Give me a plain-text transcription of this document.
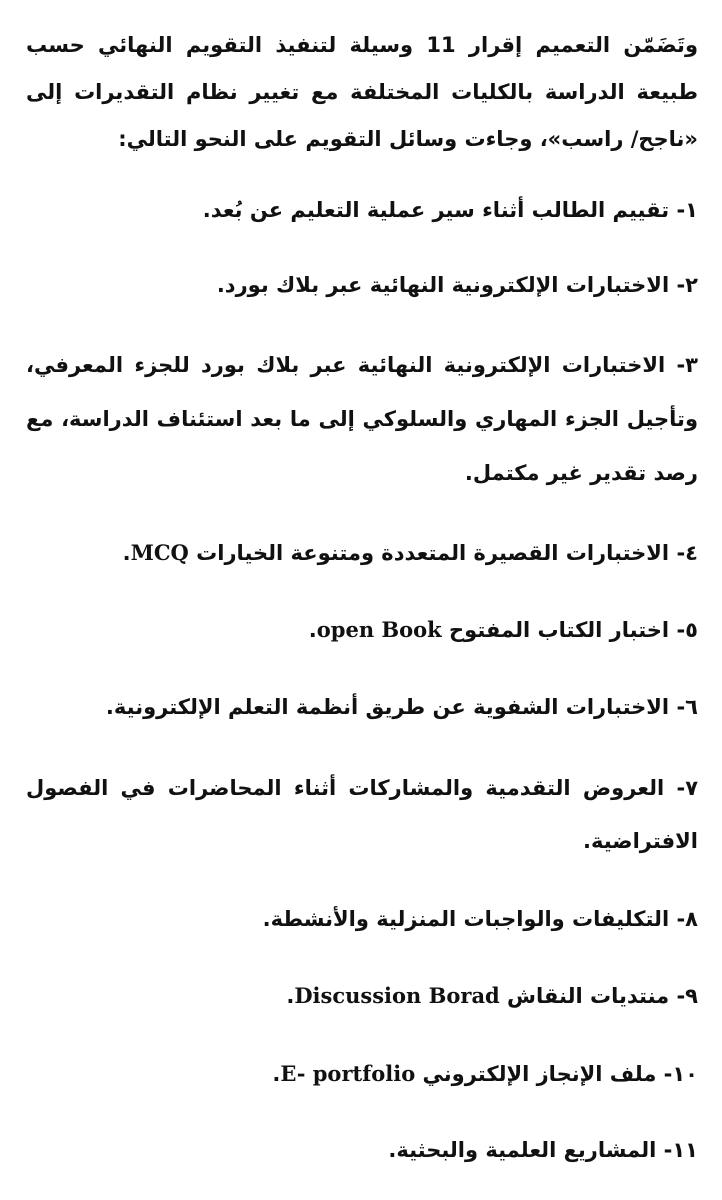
وتَضَمّن التعميم إقرار 11 وسيلة لتنفيذ التقويم النهائي حسب طبيعة الدراسة بالكليات المختلفة مع تغيير نظام التقديرات إلى «ناجح/ راسب»، وجاءت وسائل التقويم على النحو التالي:

١- تقييم الطالب أثناء سير عملية التعليم عن بُعد.
٢- الاختبارات الإلكترونية النهائية عبر بلاك بورد.
٣- الاختبارات الإلكترونية النهائية عبر بلاك بورد للجزء المعرفي، وتأجيل الجزء المهاري والسلوكي إلى ما بعد استئناف الدراسة، مع رصد تقدير غير مكتمل.
٤- الاختبارات القصيرة المتعددة ومتنوعة الخيارات MCQ.
٥- اختبار الكتاب المفتوح open Book.
٦- الاختبارات الشفوية عن طريق أنظمة التعلم الإلكترونية.
٧- العروض التقدمية والمشاركات أثناء المحاضرات في الفصول الافتراضية.
٨- التكليفات والواجبات المنزلية والأنشطة.
٩- منتديات النقاش Discussion Borad.
١٠- ملف الإنجاز الإلكتروني E- portfolio.
١١- المشاريع العلمية والبحثية.
